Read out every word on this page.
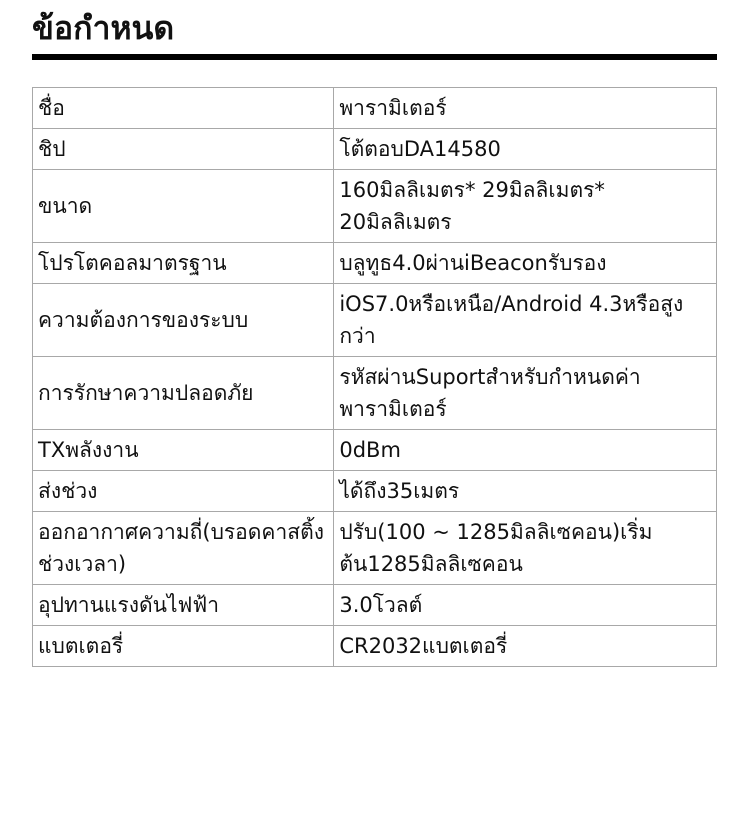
ข้อกำหนด
ชื่อ	พารามิเตอร์
ชิป	โต้ตอบDA14580
ขนาด	160มิลลิเมตร* 29มิลลิเมตร* 20มิลลิเมตร
โปรโตคอลมาตรฐาน	บลูทูธ4.0ผ่านiBeaconรับรอง
ความต้องการของระบบ	iOS7.0หรือเหนือ/Android 4.3หรือสูงกว่า
การรักษาความปลอดภัย	รหัสผ่านSuportสำหรับกำหนดค่าพารามิเตอร์
TXพลังงาน	0dBm
ส่งช่วง	ได้ถึง35เมตร
ออกอากาศความถี่(บรอดคาสติ้งช่วงเวลา)	ปรับ(100 ~ 1285มิลลิเซคอน)เริ่มต้น1285มิลลิเซคอน
อุปทานแรงดันไฟฟ้า	3.0โวลต์
แบตเตอรี่	CR2032แบตเตอรี่
